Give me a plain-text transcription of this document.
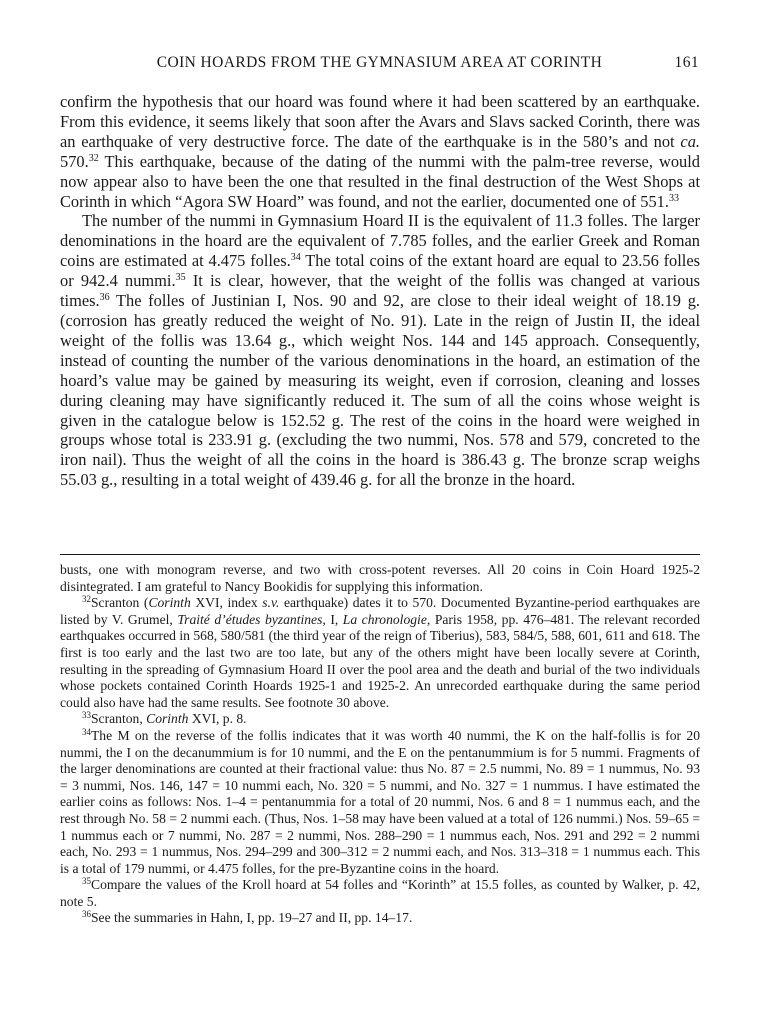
COIN HOARDS FROM THE GYMNASIUM AREA AT CORINTH	161

confirm the hypothesis that our hoard was found where it had been scattered by an earthquake. From this evidence, it seems likely that soon after the Avars and Slavs sacked Corinth, there was an earthquake of very destructive force. The date of the earthquake is in the 580’s and not ca. 570.32 This earthquake, because of the dating of the nummi with the palm-tree reverse, would now appear also to have been the one that resulted in the final destruction of the West Shops at Corinth in which “Agora SW Hoard” was found, and not the earlier, documented one of 551.33

The number of the nummi in Gymnasium Hoard II is the equivalent of 11.3 folles. The larger denominations in the hoard are the equivalent of 7.785 folles, and the earlier Greek and Roman coins are estimated at 4.475 folles.$^{34}$ The total coins of the extant hoard are equal to 23.56 folles or 942.4 nummi.$^{35}$ It is clear, however, that the weight of the follis was changed at various times.$^{36}$ The folles of Justinian I, Nos. 90 and 92, are close to their ideal weight of 18.19 g. (corrosion has greatly reduced the weight of No. 91). Late in the reign of Justin II, the ideal weight of the follis was 13.64 g., which weight Nos. 144 and 145 approach. Consequently, instead of counting the number of the various denominations in the hoard, an estimation of the hoard’s value may be gained by measuring its weight, even if corrosion, cleaning and losses during cleaning may have significantly reduced it. The sum of all the coins whose weight is given in the catalogue below is 152.52 g. The rest of the coins in the hoard were weighed in groups whose total is 233.91 g. (excluding the two nummi, Nos. 578 and 579, concreted to the iron nail). Thus the weight of all the coins in the hoard is 386.43 g. The bronze scrap weighs 55.03 g., resulting in a total weight of 439.46 g. for all the bronze in the hoard.

busts, one with monogram reverse, and two with cross-potent reverses. All 20 coins in Coin Hoard 1925-2 disintegrated. I am grateful to Nancy Bookidis for supplying this information.

$^{32}$Scranton (Corinth XVI, index s.v. earthquake) dates it to 570. Documented Byzantine-period earthquakes are listed by V. Grumel, Traité d’études byzantines, I, La chronologie, Paris 1958, pp. 476–481. The relevant recorded earthquakes occurred in 568, 580/581 (the third year of the reign of Tiberius), 583, 584/5, 588, 601, 611 and 618. The first is too early and the last two are too late, but any of the others might have been locally severe at Corinth, resulting in the spreading of Gymnasium Hoard II over the pool area and the death and burial of the two individuals whose pockets contained Corinth Hoards 1925-1 and 1925-2. An unrecorded earthquake during the same period could also have had the same results. See footnote 30 above.

$^{33}$Scranton, Corinth XVI, p. 8.

$^{34}$The M on the reverse of the follis indicates that it was worth 40 nummi, the K on the half-follis is for 20 nummi, the I on the decanummium is for 10 nummi, and the E on the pentanummium is for 5 nummi. Fragments of the larger denominations are counted at their fractional value: thus No. 87 = 2.5 nummi, No. 89 = 1 nummus, No. 93 = 3 nummi, Nos. 146, 147 = 10 nummi each, No. 320 = 5 nummi, and No. 327 = 1 nummus. I have estimated the earlier coins as follows: Nos. 1–4 = pentanummia for a total of 20 nummi, Nos. 6 and 8 = 1 nummus each, and the rest through No. 58 = 2 nummi each. (Thus, Nos. 1–58 may have been valued at a total of 126 nummi.) Nos. 59–65 = 1 nummus each or 7 nummi, No. 287 = 2 nummi, Nos. 288–290 = 1 nummus each, Nos. 291 and 292 = 2 nummi each, No. 293 = 1 nummus, Nos. 294–299 and 300–312 = 2 nummi each, and Nos. 313–318 = 1 nummus each. This is a total of 179 nummi, or 4.475 folles, for the pre-Byzantine coins in the hoard.

$^{35}$Compare the values of the Kroll hoard at 54 folles and “Korinth” at 15.5 folles, as counted by Walker, p. 42, note 5.

$^{36}$See the summaries in Hahn, I, pp. 19–27 and II, pp. 14–17.
